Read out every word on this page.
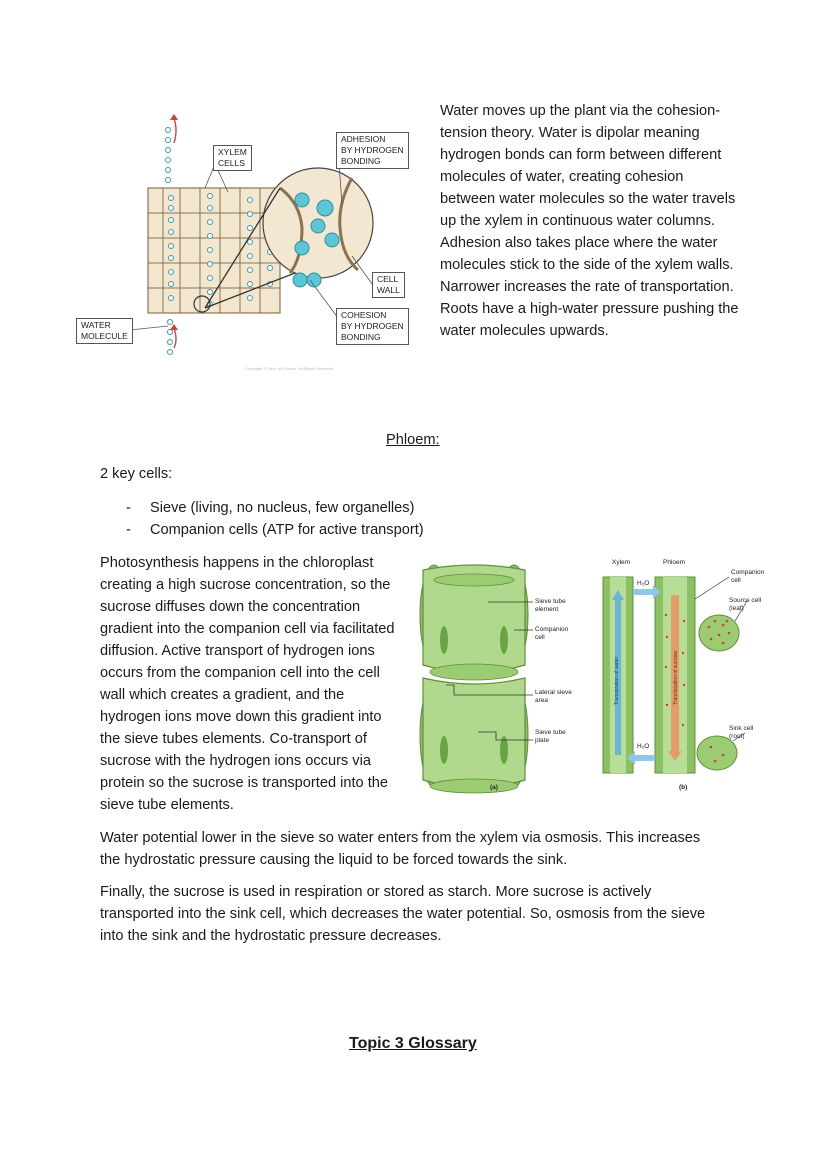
Copyright © Save My Exams. All Rights Reserved
XYLEM
CELLS
ADHESION
BY HYDROGEN
BONDING
CELL
WALL
COHESION
BY HYDROGEN
BONDING
WATER
MOLECULE
Water moves up the plant via the cohesion-tension theory. Water is dipolar meaning hydrogen bonds can form between different molecules of water, creating cohesion between water molecules so the water travels up the xylem in continuous water columns. Adhesion also takes place where the water molecules stick to the side of the xylem walls. Narrower increases the rate of transportation. Roots have a high-water pressure pushing the water molecules upwards.
Phloem:
2 key cells:
- Sieve (living, no nucleus, few organelles)
- Companion cells (ATP for active transport)
Photosynthesis happens in the chloroplast creating a high sucrose concentration, so the sucrose diffuses down the concentration gradient into the companion cell via facilitated diffusion. Active transport of hydrogen ions occurs from the companion cell into the cell wall which creates a gradient, and the hydrogen ions move down this gradient into the sieve tubes elements. Co-transport of sucrose with the hydrogen ions occurs via protein so the sucrose is transported into the sieve tube elements.
Sieve tube
element
Companion
cell
Lateral sieve
area
Sieve tube
plate
(a)
Transpiration of water	Translocation of sucrose
Xylem	Phloem
H₂O
H₂O
Companion
cell
Source cell
(leaf)
Sink cell
(root)
(b)
Water potential lower in the sieve so water enters from the xylem via osmosis. This increases the hydrostatic pressure causing the liquid to be forced towards the sink.
Finally, the sucrose is used in respiration or stored as starch. More sucrose is actively transported into the sink cell, which decreases the water potential. So, osmosis from the sieve into the sink and the hydrostatic pressure decreases.
Topic 3 Glossary
